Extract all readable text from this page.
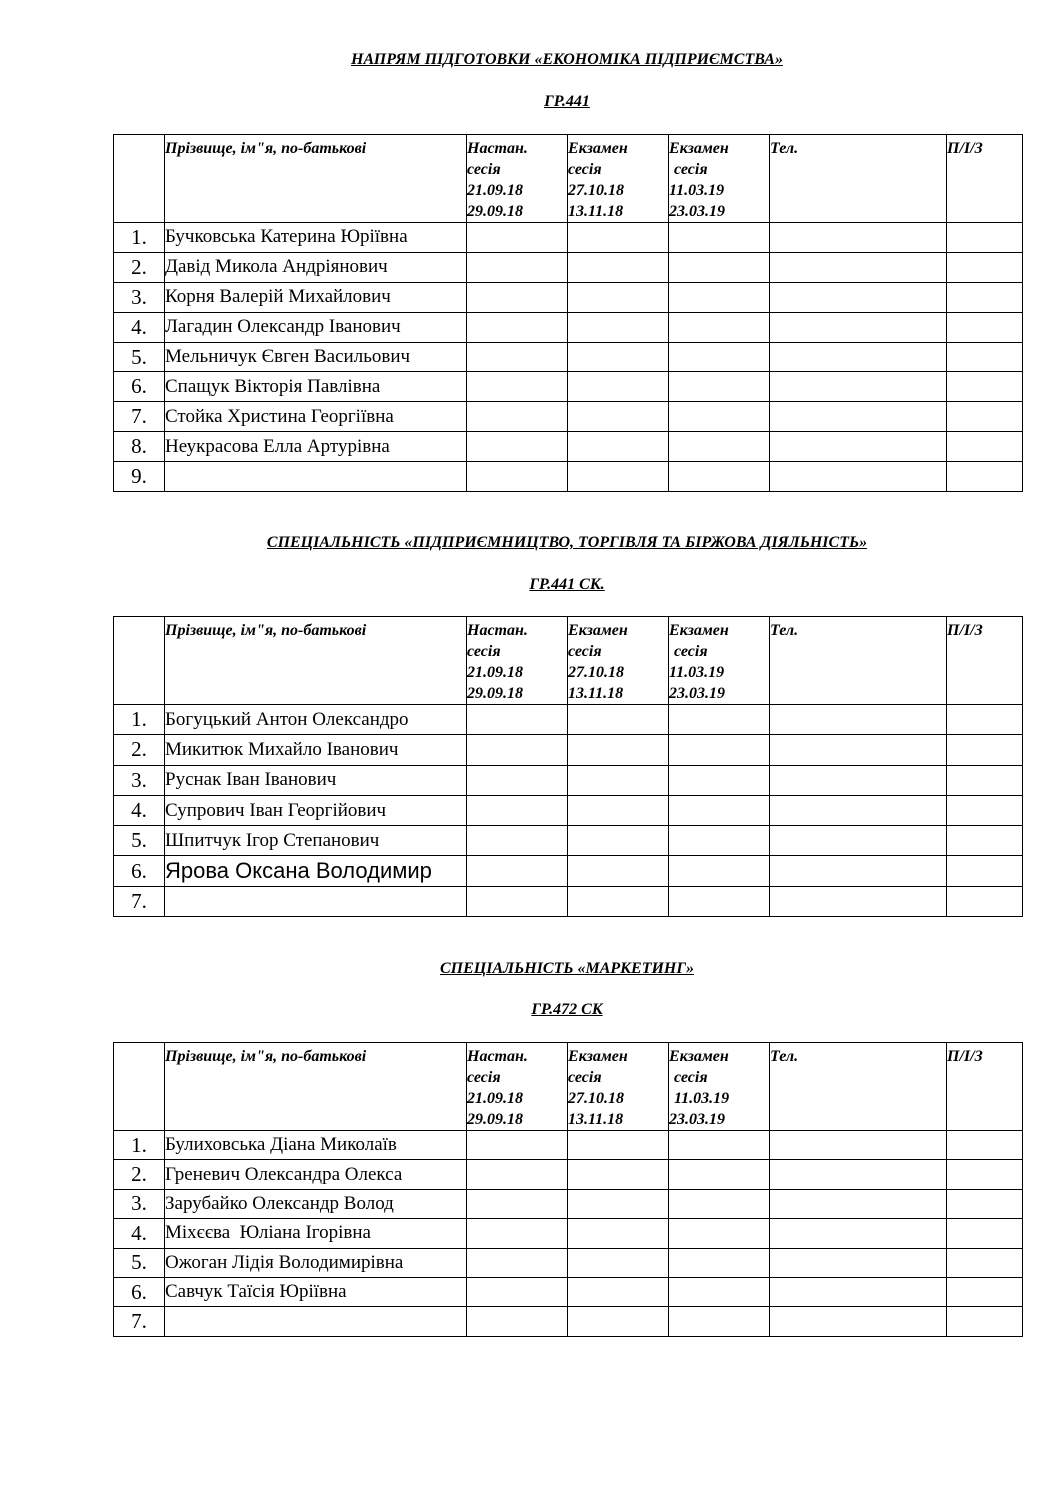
НАПРЯМ ПІДГОТОВКИ «ЕКОНОМІКА ПІДПРИЄМСТВА»
ГР.441
	Прізвище, ім"я, по-батькові	Настан.
сесія
21.09.18
29.09.18	Екзамен
сесія
27.10.18
13.11.18	Екзамен
сесія
11.03.19
23.03.19	Тел.	П/І/З
1.	Бучковська Катерина Юріївна					
2.	Давід Микола Андріянович					
3.	Корня Валерій Михайлович					
4.	Лагадин Олександр Іванович					
5.	Мельничук Євген Васильович					
6.	Спащук Вікторія Павлівна					
7.	Стойка Христина Георгіївна					
8.	Неукрасова Елла Артурівна					
9.						
СПЕЦІАЛЬНІСТЬ «ПІДПРИЄМНИЦТВО, ТОРГІВЛЯ ТА БІРЖОВА ДІЯЛЬНІСТЬ»
ГР.441 СК.
	Прізвище, ім"я, по-батькові	Настан.
сесія
21.09.18
29.09.18	Екзамен
сесія
27.10.18
13.11.18	Екзамен
сесія
11.03.19
23.03.19	Тел.	П/І/З
1.	Богуцький Антон Олександро					
2.	Микитюк Михайло Іванович					
3.	Руснак Іван Іванович					
4.	Супрович Іван Георгійович					
5.	Шпитчук Ігор Степанович					
6.	Ярова Оксана Володимир					
7.						
СПЕЦІАЛЬНІСТЬ «МАРКЕТИНГ»
ГР.472 СК
	Прізвище, ім"я, по-батькові	Настан.
сесія
21.09.18
29.09.18	Екзамен
сесія
27.10.18
13.11.18	Екзамен
сесія
11.03.19
23.03.19	Тел.	П/І/З
1.	Булиховська Діана Миколаїв					
2.	Греневич Олександра Олекса					
3.	Зарубайко Олександр Волод					
4.	Міхєєва  Юліана Ігорівна					
5.	Ожоган Лідія Володимирівна					
6.	Савчук Таїсія Юріївна					
7.						
